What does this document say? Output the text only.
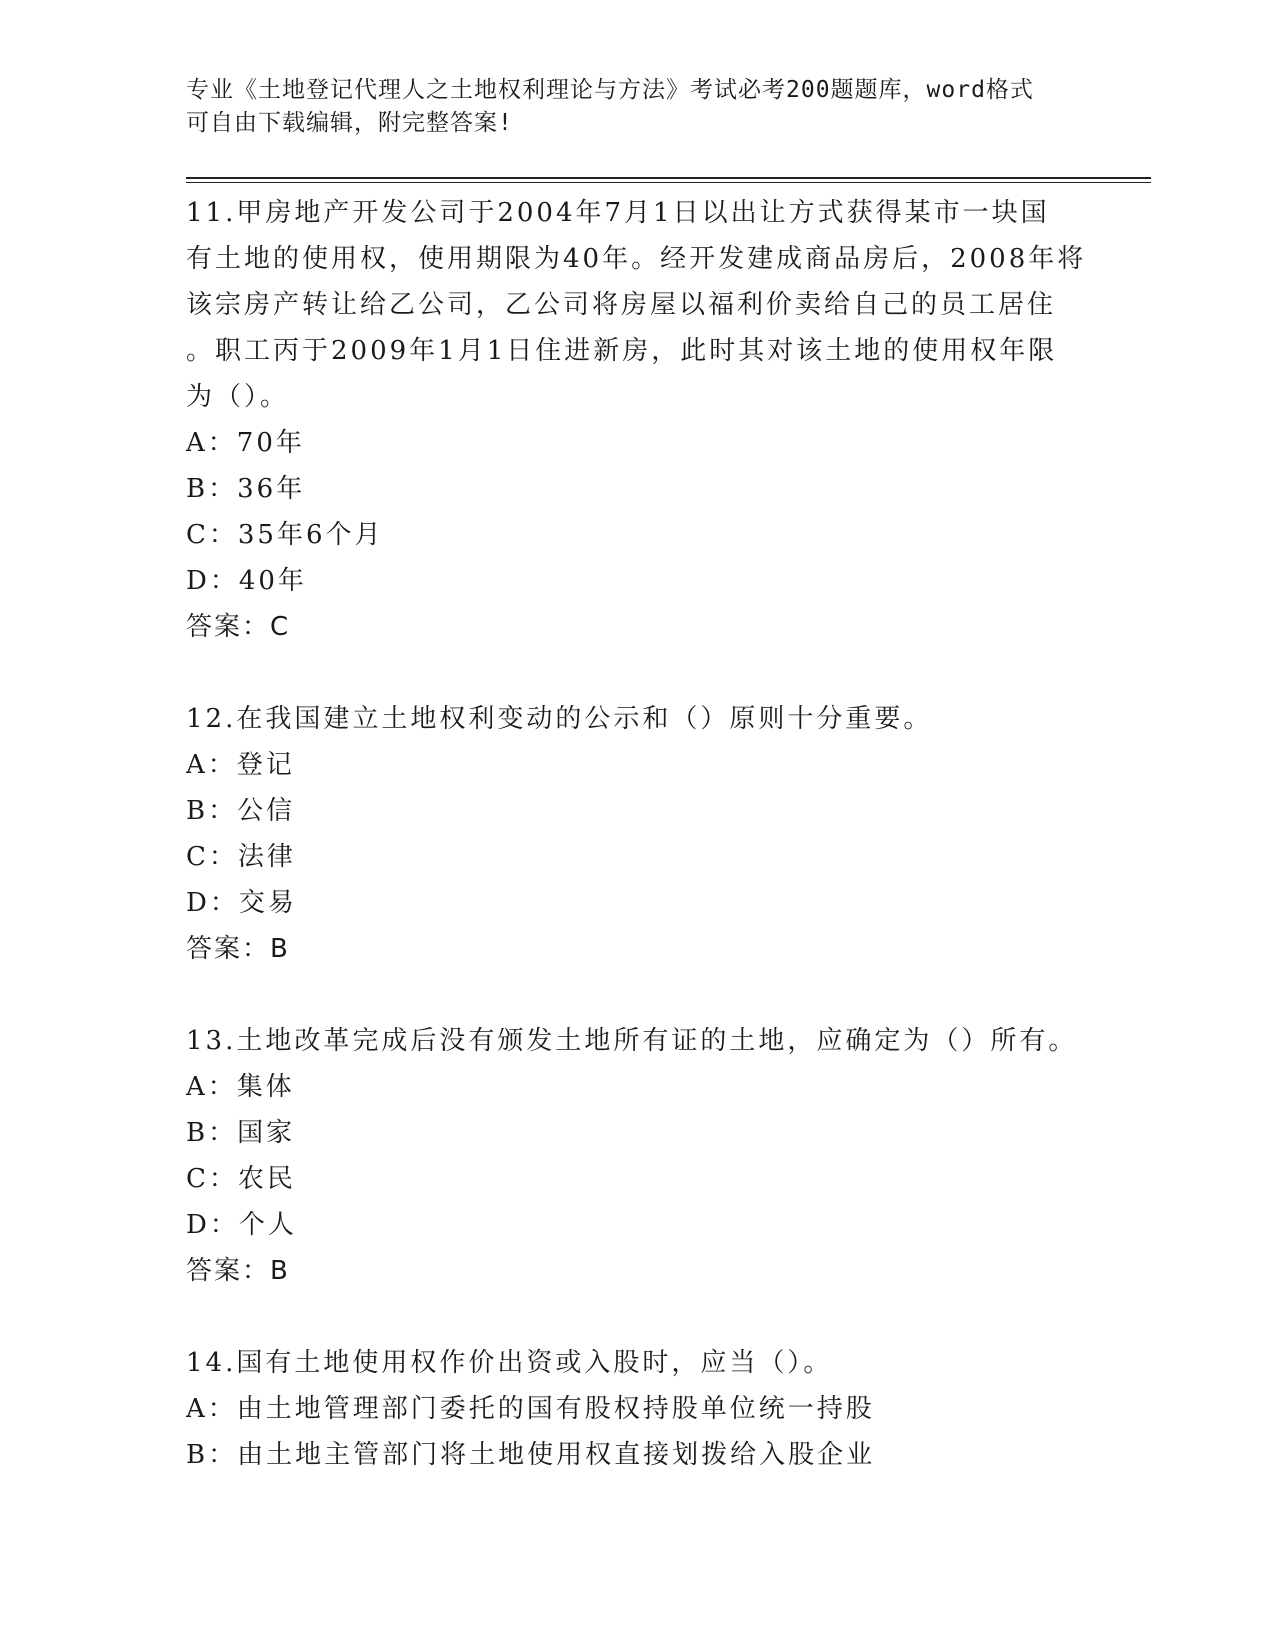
专业《土地登记代理人之土地权利理论与方法》考试必考200题题库，word格式
可自由下载编辑，附完整答案!
11.甲房地产开发公司于2004年7月1日以出让方式获得某市一块国
有土地的使用权，使用期限为40年。经开发建成商品房后，2008年将
该宗房产转让给乙公司，乙公司将房屋以福利价卖给自己的员工居住
。职工丙于2009年1月1日住进新房，此时其对该土地的使用权年限
为（）。
A：70年
B：36年
C：35年6个月
D：40年
答案：C
12.在我国建立土地权利变动的公示和（）原则十分重要。
A：登记
B：公信
C：法律
D：交易
答案：B
13.土地改革完成后没有颁发土地所有证的土地，应确定为（）所有。
A：集体
B：国家
C：农民
D：个人
答案：B
14.国有土地使用权作价出资或入股时，应当（）。
A：由土地管理部门委托的国有股权持股单位统一持股
B：由土地主管部门将土地使用权直接划拨给入股企业
